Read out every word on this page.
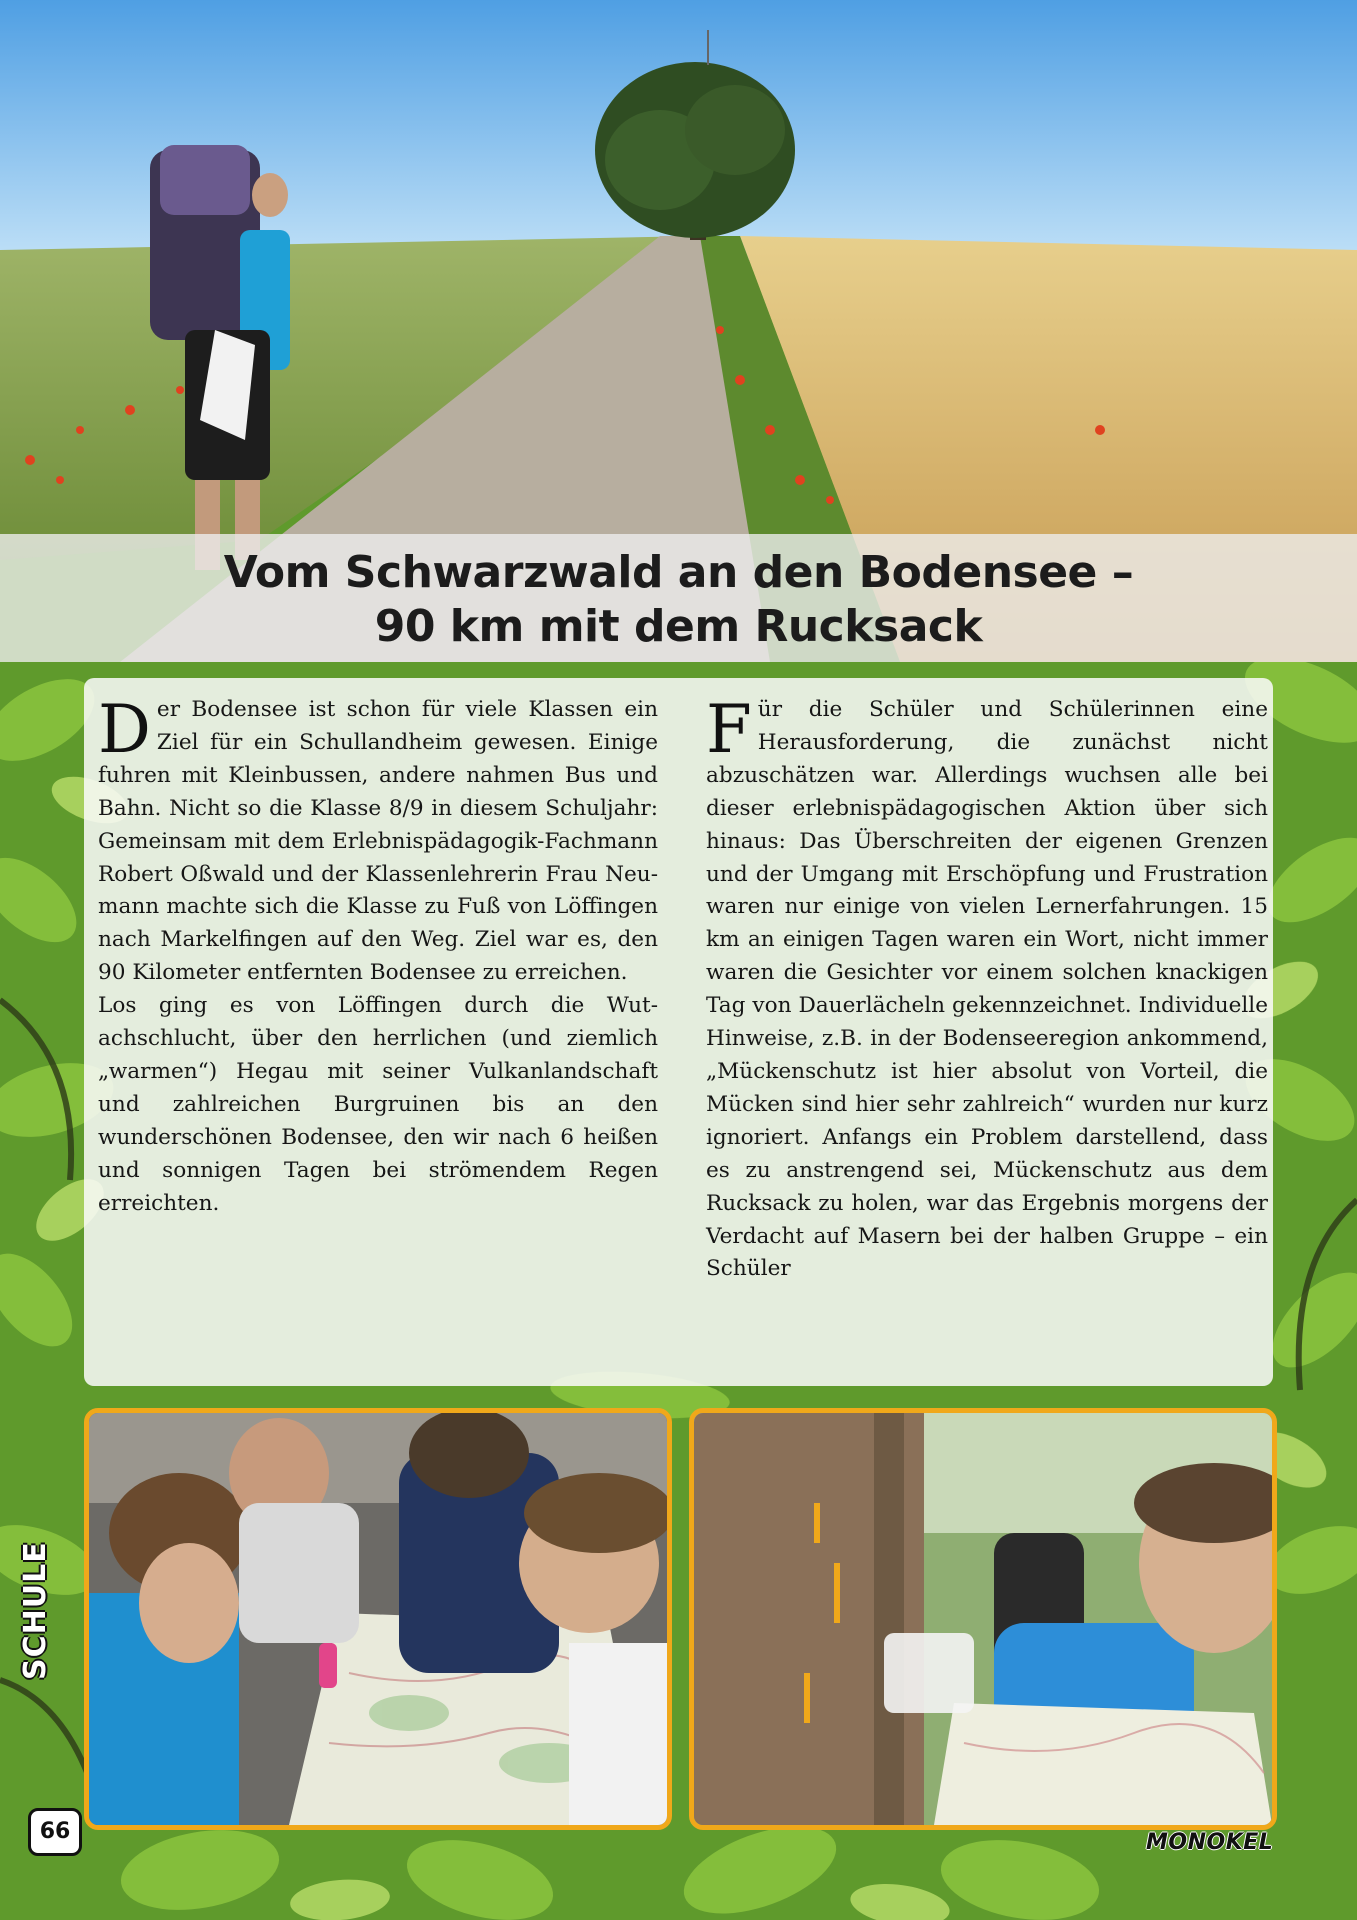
Vom Schwarzwald an den Bodensee –
90 km mit dem Rucksack
D er Bodensee ist schon für viele Klassen ein Ziel für ein Schullandheim gewesen. Einige fuhren mit Kleinbussen, andere nahmen Bus und Bahn. Nicht so die Klasse 8/9 in diesem Schuljahr: Gemeinsam mit dem Erlebnispädagogik-Fachmann Robert Oßwald und der Klassenlehrerin Frau Neumann machte sich die Klasse zu Fuß von Löffingen nach Markelfingen auf den Weg. Ziel war es, den 90 Kilometer entfernten Bodensee zu erreichen.

Los ging es von Löffingen durch die Wutachschlucht, über den herrlichen (und ziemlich „warmen“) Hegau mit seiner Vulkanlandschaft und zahlreichen Burgruinen bis an den wunderschönen Bodensee, den wir nach 6 heißen und sonnigen Tagen bei strömendem Regen erreichten.

F ür die Schüler und Schülerinnen eine Herausforderung, die zunächst nicht abzuschätzen war. Allerdings wuchsen alle bei dieser erlebnispädagogischen Aktion über sich hinaus: Das Überschreiten der eigenen Grenzen und der Umgang mit Erschöpfung und Frustration waren nur einige von vielen Lernerfahrungen. 15 km an einigen Tagen waren ein Wort, nicht immer waren die Gesichter vor einem solchen knackigen Tag von Dauerlächeln gekennzeichnet. Individuelle Hinweise, z.B. in der Bodenseeregion ankommend, „Mückenschutz ist hier absolut von Vorteil, die Mücken sind hier sehr zahlreich“ wurden nur kurz ignoriert. Anfangs ein Problem darstellend, dass es zu anstrengend sei, Mückenschutz aus dem Rucksack zu holen, war das Ergebnis morgens der Verdacht auf Masern bei der halben Gruppe – ein Schüler

SCHULE
66	MONOKEL
